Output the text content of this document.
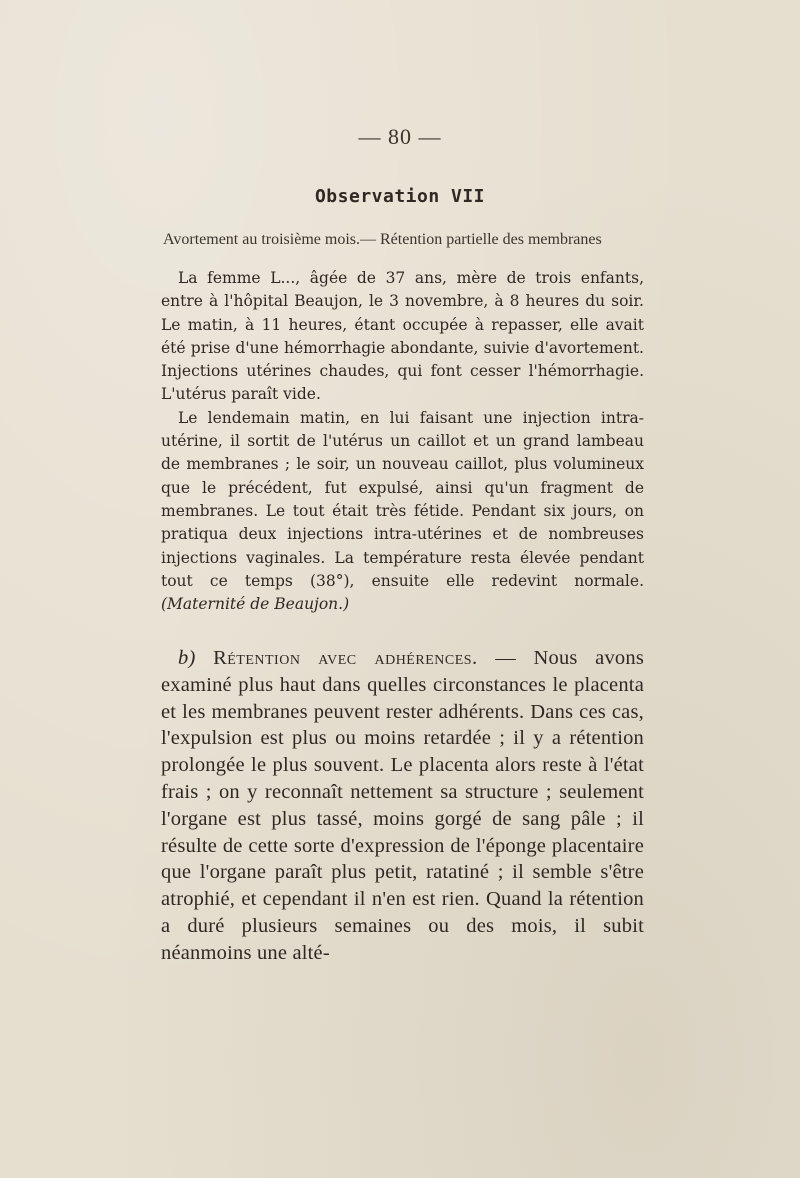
— 80 —
Observation VII
Avortement au troisième mois.— Rétention partielle des membranes

La femme L..., âgée de 37 ans, mère de trois enfants, entre à l'hôpital Beaujon, le 3 novembre, à 8 heures du soir. Le matin, à 11 heures, étant occupée à repasser, elle avait été prise d'une hémorrhagie abondante, suivie d'avortement. Injections utérines chaudes, qui font cesser l'hémorrhagie. L'utérus paraît vide.

Le lendemain matin, en lui faisant une injection intra-utérine, il sortit de l'utérus un caillot et un grand lambeau de membranes ; le soir, un nouveau caillot, plus volumineux que le précédent, fut expulsé, ainsi qu'un fragment de membranes. Le tout était très fétide. Pendant six jours, on pratiqua deux injections intra-utérines et de nombreuses injections vaginales. La température resta élevée pendant tout ce temps (38°), ensuite elle redevint normale. (Maternité de Beaujon.)

b) Rétention avec adhérences. — Nous avons examiné plus haut dans quelles circonstances le placenta et les membranes peuvent rester adhérents. Dans ces cas, l'expulsion est plus ou moins retardée ; il y a rétention prolongée le plus souvent. Le placenta alors reste à l'état frais ; on y reconnaît nettement sa structure ; seulement l'organe est plus tassé, moins gorgé de sang pâle ; il résulte de cette sorte d'expression de l'éponge placentaire que l'organe paraît plus petit, ratatiné ; il semble s'être atrophié, et cependant il n'en est rien. Quand la rétention a duré plusieurs semaines ou des mois, il subit néanmoins une alté-
